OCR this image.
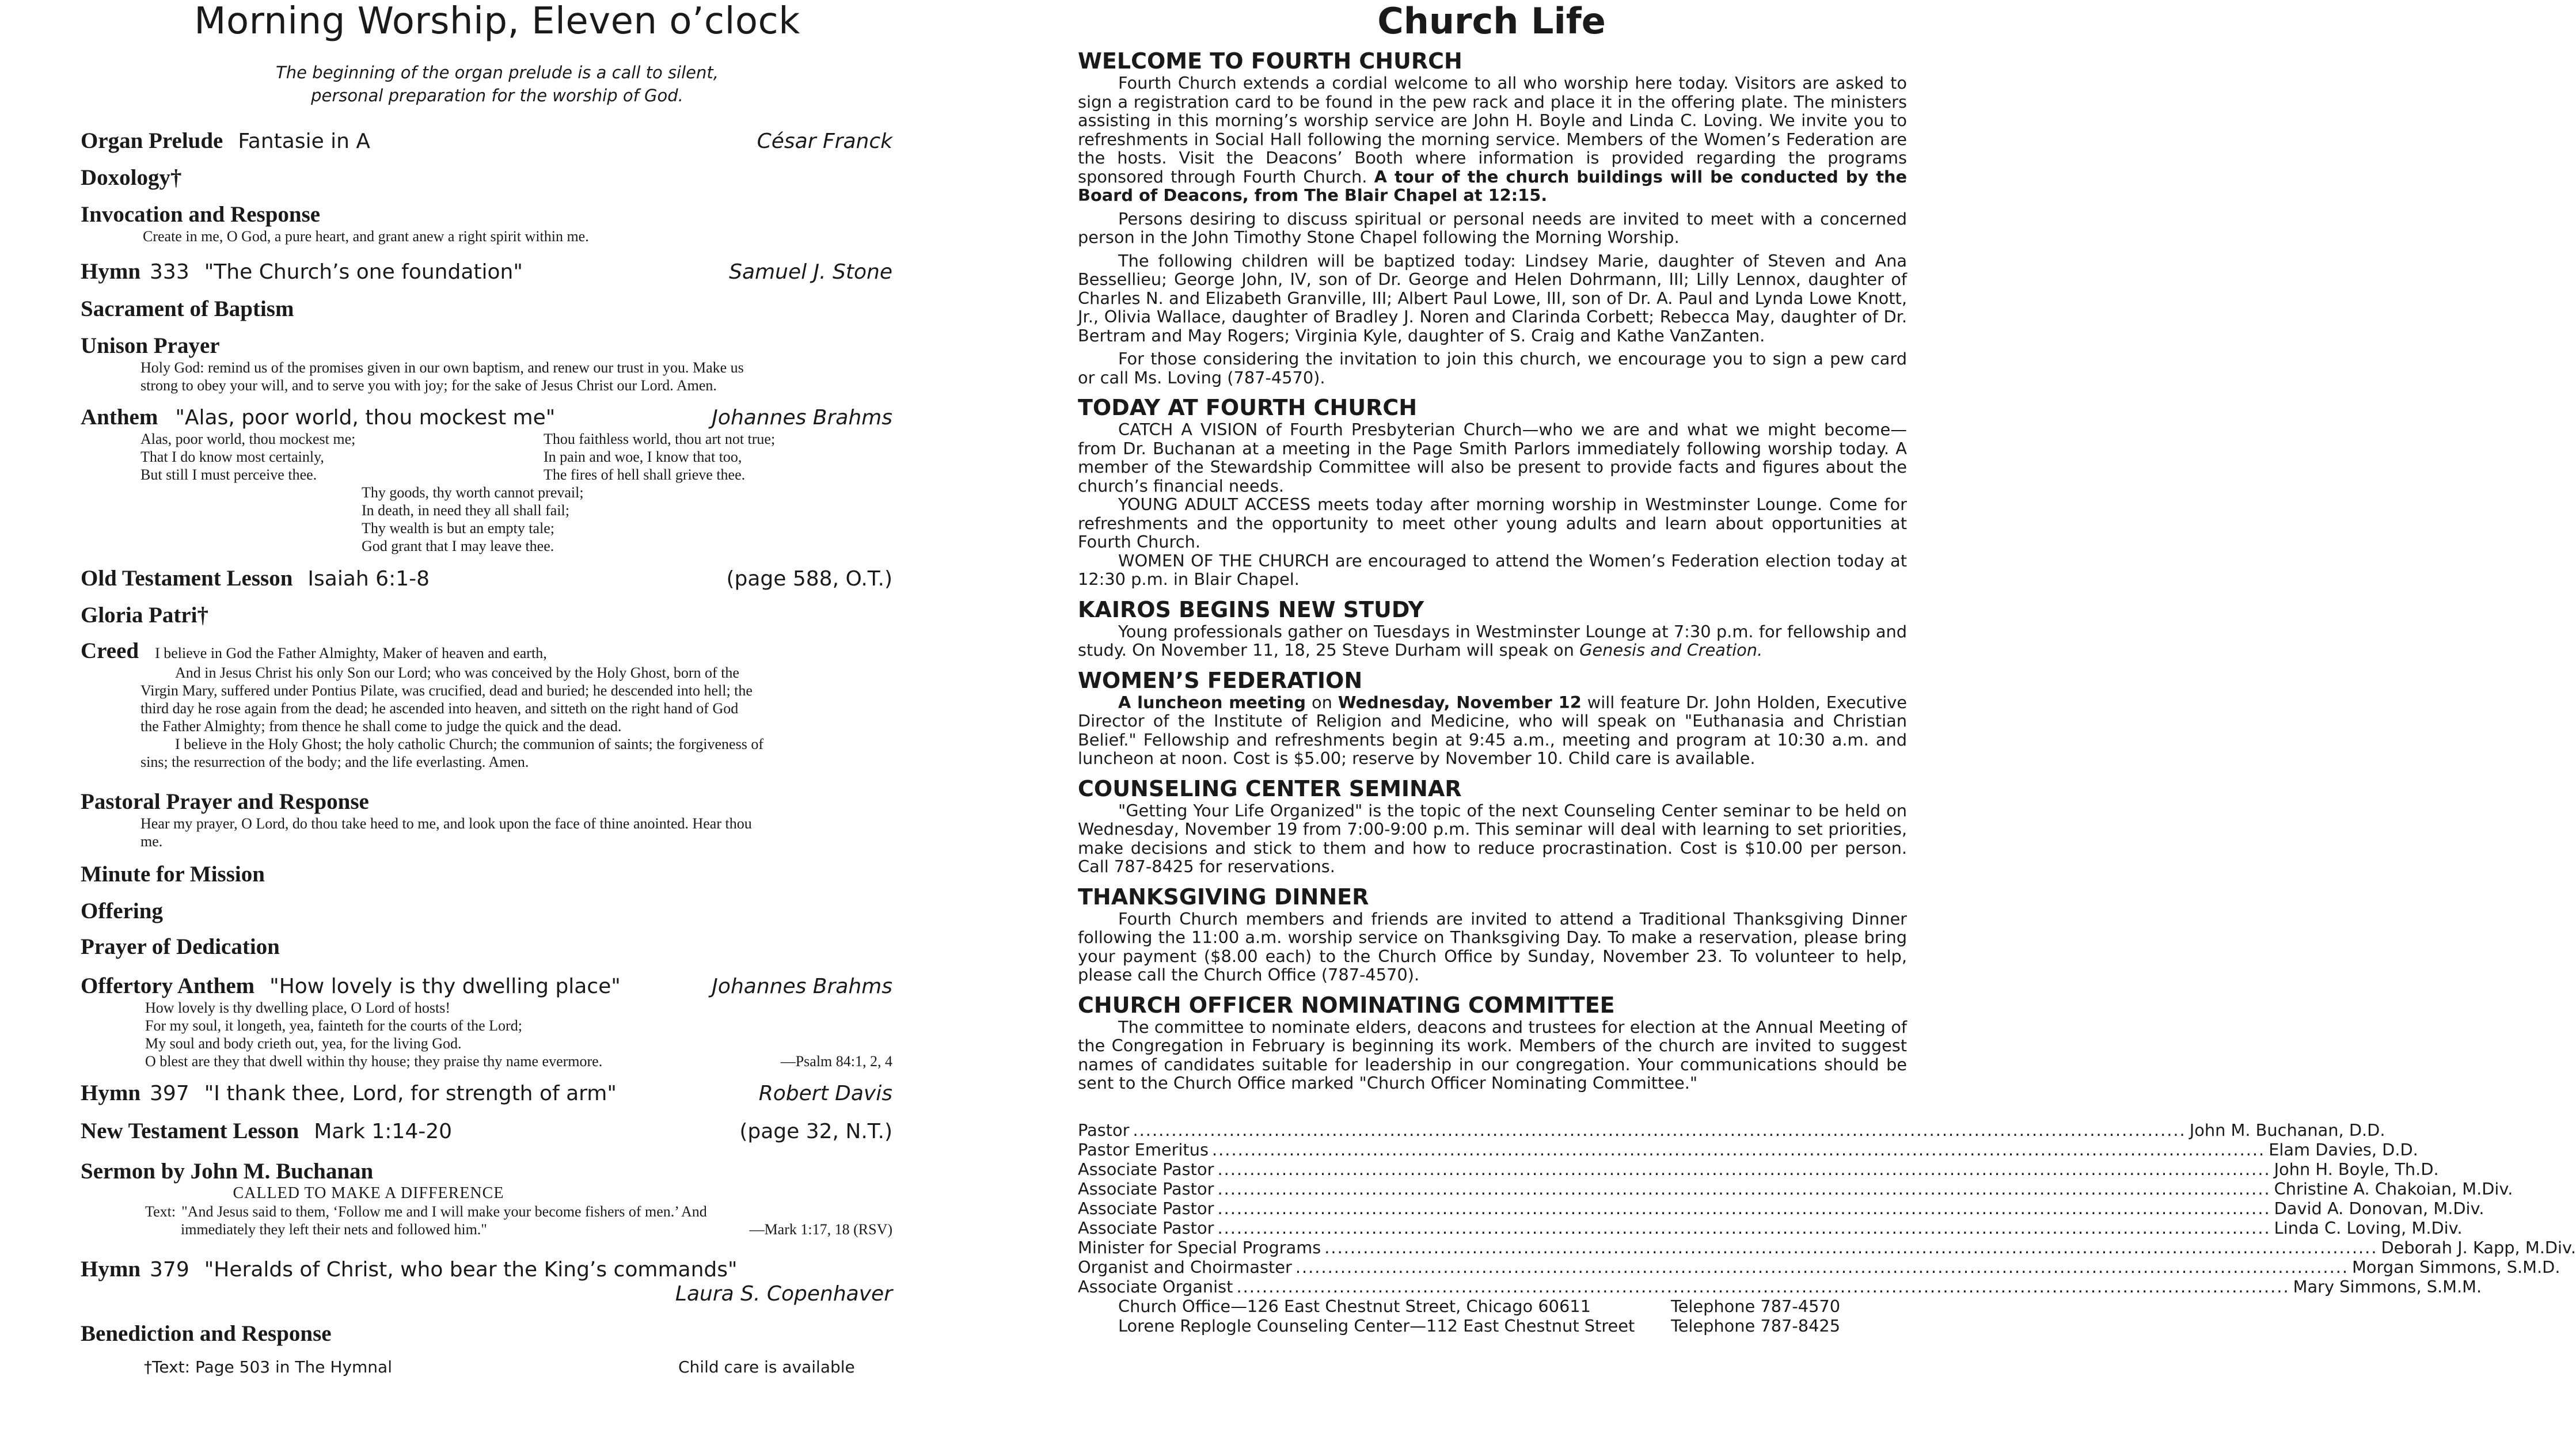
Morning Worship, Eleven o’clock
The beginning of the organ prelude is a call to silent,
personal preparation for the worship of God.
Organ Prelude Fantasie in A	César Franck
Doxology†
Invocation and Response
Create in me, O God, a pure heart, and grant anew a right spirit within me.
Hymn 333 "The Church’s one foundation"	Samuel J. Stone
Sacrament of Baptism
Unison Prayer
Holy God: remind us of the promises given in our own baptism, and renew our trust in you. Make us
strong to obey your will, and to serve you with joy; for the sake of Jesus Christ our Lord. Amen.
Anthem "Alas, poor world, thou mockest me"	Johannes Brahms
Alas, poor world, thou mockest me;
That I do know most certainly,
But still I must perceive thee.
Thou faithless world, thou art not true;
In pain and woe, I know that too,
The fires of hell shall grieve thee.
Thy goods, thy worth cannot prevail;
In death, in need they all shall fail;
Thy wealth is but an empty tale;
God grant that I may leave thee.
Old Testament Lesson Isaiah 6:1-8	(page 588, O.T.)
Gloria Patri†
Creed I believe in God the Father Almighty, Maker of heaven and earth,
And in Jesus Christ his only Son our Lord; who was conceived by the Holy Ghost, born of the
Virgin Mary, suffered under Pontius Pilate, was crucified, dead and buried; he descended into hell; the
third day he rose again from the dead; he ascended into heaven, and sitteth on the right hand of God
the Father Almighty; from thence he shall come to judge the quick and the dead.
I believe in the Holy Ghost; the holy catholic Church; the communion of saints; the forgiveness of
sins; the resurrection of the body; and the life everlasting. Amen.
Pastoral Prayer and Response
Hear my prayer, O Lord, do thou take heed to me, and look upon the face of thine anointed. Hear thou
me.
Minute for Mission
Offering
Prayer of Dedication
Offertory Anthem "How lovely is thy dwelling place"	Johannes Brahms
How lovely is thy dwelling place, O Lord of hosts!
For my soul, it longeth, yea, fainteth for the courts of the Lord;
My soul and body crieth out, yea, for the living God.
O blest are they that dwell within thy house; they praise thy name evermore.	—Psalm 84:1, 2, 4
Hymn 397 "I thank thee, Lord, for strength of arm"	Robert Davis
New Testament Lesson Mark 1:14-20	(page 32, N.T.)
Sermon by John M. Buchanan
CALLED TO MAKE A DIFFERENCE
Text: "And Jesus said to them, ‘Follow me and I will make your become fishers of men.’ And
immediately they left their nets and followed him."	—Mark 1:17, 18 (RSV)
Hymn 379 "Heralds of Christ, who bear the King’s commands"
Laura S. Copenhaver
Benediction and Response
†Text: Page 503 in The Hymnal	Child care is available
Church Life
WELCOME TO FOURTH CHURCH

Fourth Church extends a cordial welcome to all who worship here today. Visitors are asked to sign a registration card to be found in the pew rack and place it in the offering plate. The ministers assisting in this morning’s worship service are John H. Boyle and Linda C. Loving. We invite you to refreshments in Social Hall following the morning service. Members of the Women’s Federation are the hosts. Visit the Deacons’ Booth where information is provided regarding the programs sponsored through Fourth Church. A tour of the church buildings will be conducted by the Board of Deacons, from The Blair Chapel at 12:15.

Persons desiring to discuss spiritual or personal needs are invited to meet with a concerned person in the John Timothy Stone Chapel following the Morning Worship.

The following children will be baptized today: Lindsey Marie, daughter of Steven and Ana Bessellieu; George John, IV, son of Dr. George and Helen Dohrmann, III; Lilly Lennox, daughter of Charles N. and Elizabeth Granville, III; Albert Paul Lowe, III, son of Dr. A. Paul and Lynda Lowe Knott, Jr., Olivia Wallace, daughter of Bradley J. Noren and Clarinda Corbett; Rebecca May, daughter of Dr. Bertram and May Rogers; Virginia Kyle, daughter of S. Craig and Kathe VanZanten.

For those considering the invitation to join this church, we encourage you to sign a pew card or call Ms. Loving (787-4570).

TODAY AT FOURTH CHURCH

CATCH A VISION of Fourth Presbyterian Church—who we are and what we might become—from Dr. Buchanan at a meeting in the Page Smith Parlors immediately following worship today. A member of the Stewardship Committee will also be present to provide facts and figures about the church’s financial needs.

YOUNG ADULT ACCESS meets today after morning worship in Westminster Lounge. Come for refreshments and the opportunity to meet other young adults and learn about opportunities at Fourth Church.

WOMEN OF THE CHURCH are encouraged to attend the Women’s Federation election today at 12:30 p.m. in Blair Chapel.

KAIROS BEGINS NEW STUDY

Young professionals gather on Tuesdays in Westminster Lounge at 7:30 p.m. for fellowship and study. On November 11, 18, 25 Steve Durham will speak on Genesis and Creation.

WOMEN’S FEDERATION

A luncheon meeting on Wednesday, November 12 will feature Dr. John Holden, Executive Director of the Institute of Religion and Medicine, who will speak on "Euthanasia and Christian Belief." Fellowship and refreshments begin at 9:45 a.m., meeting and program at 10:30 a.m. and luncheon at noon. Cost is $5.00; reserve by November 10. Child care is available.

COUNSELING CENTER SEMINAR

"Getting Your Life Organized" is the topic of the next Counseling Center seminar to be held on Wednesday, November 19 from 7:00-9:00 p.m. This seminar will deal with learning to set priorities, make decisions and stick to them and how to reduce procrastination. Cost is $10.00 per person. Call 787-8425 for reservations.

THANKSGIVING DINNER

Fourth Church members and friends are invited to attend a Traditional Thanksgiving Dinner following the 11:00 a.m. worship service on Thanksgiving Day. To make a reservation, please bring your payment ($8.00 each) to the Church Office by Sunday, November 23. To volunteer to help, please call the Church Office (787-4570).

CHURCH OFFICER NOMINATING COMMITTEE

The committee to nominate elders, deacons and trustees for election at the Annual Meeting of the Congregation in February is beginning its work. Members of the church are invited to suggest names of candidates suitable for leadership in our congregation. Your communications should be sent to the Church Office marked "Church Officer Nominating Committee."

Pastor .................................................................................................................................................................... John M. Buchanan, D.D.
Pastor Emeritus .................................................................................................................................................................... Elam Davies, D.D.
Associate Pastor .................................................................................................................................................................... John H. Boyle, Th.D.
Associate Pastor .................................................................................................................................................................... Christine A. Chakoian, M.Div.
Associate Pastor .................................................................................................................................................................... David A. Donovan, M.Div.
Associate Pastor .................................................................................................................................................................... Linda C. Loving, M.Div.
Minister for Special Programs .................................................................................................................................................................... Deborah J. Kapp, M.Div.
Organist and Choirmaster .................................................................................................................................................................... Morgan Simmons, S.M.D.
Associate Organist .................................................................................................................................................................... Mary Simmons, S.M.M.
Church Office—126 East Chestnut Street, Chicago 60611	Telephone 787-4570
Lorene Replogle Counseling Center—112 East Chestnut Street	Telephone 787-8425
